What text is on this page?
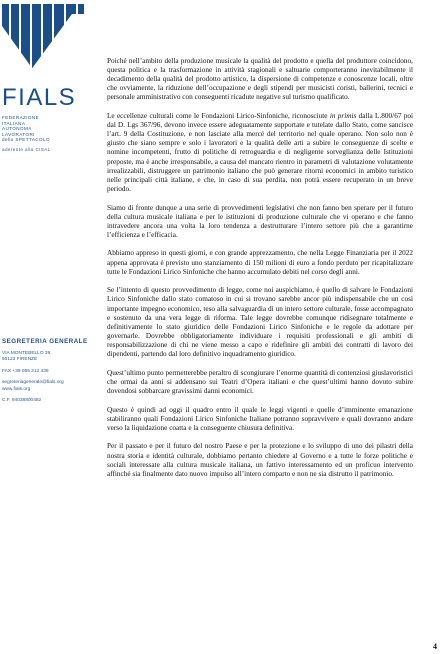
FIALS
FEDERAZIONE
ITALIANA
AUTONOMA
LAVORATORI
dello SPETTACOLO
aderente alla CISAL
SEGRETERIA GENERALE
VIA MONTEBELLO 39,
50123 FIRENZE
FAX +39 055 212 439
segreteriagenerale@fials.org
www.fials.org
C.F. 94038800482

Poiché nell’ambito della produzione musicale la qualità del prodotto e quella del produttore coincidono, questa politica e la trasformazione in attività stagionali e saltuarie comporteranno inevitabilmente il decadimento della qualità del prodotto artistico, la dispersione di competenze e conoscenze locali, oltre che ovviamente, la riduzione dell’occupazione e degli stipendi per musicisti coristi, ballerini, tecnici e personale amministrativo con conseguenti ricadute negative sul turismo qualificato.

Le eccellenze culturali come le Fondazioni Lirico-Sinfoniche, riconosciute in primis dalla L.800/67 poi dal D. Lgs 367/96, devono invece essere adeguatamente supportate e tutelate dallo Stato, come sancisce l’art. 9 della Costituzione, e non lasciate alla mercé del territorio nel quale operano. Non solo non è giusto che siano sempre e solo i lavoratori e la qualità delle arti a subire le conseguenze di scelte e nomine incompetenti, frutto di politiche di retroguardia e di negligente sorveglianza delle Istituzioni preposte, ma è anche irresponsabile, a causa del mancato rientro in parametri di valutazione volutamente irrealizzabili, distruggere un patrimonio italiano che può generare ritorni economici in ambito turistico nelle principali città italiane, e che, in caso di sua perdita, non potrà essere recuperato in un breve periodo.

Siamo di fronte dunque a una serie di provvedimenti legislativi che non fanno ben sperare per il futuro della cultura musicale italiana e per le istituzioni di produzione culturale che vi operano e che fanno intravedere ancora una volta la loro tendenza a destrutturare l’intero settore più che a garantirne l’efficienza e l’efficacia.

Abbiamo appreso in questi giorni, e con grande apprezzamento, che nella Legge Finanziaria per il 2022 appena approvata è previsto uno stanziamento di 150 milioni di euro a fondo perduto per ricapitalizzare tutte le Fondazioni Lirico Sinfoniche che hanno accumulato debiti nel corso degli anni.

Se l’intento di questo provvedimento di legge, come noi auspichiamo, è quello di salvare le Fondazioni Lirico Sinfoniche dallo stato comatoso in cui si trovano sarebbe ancor più indispensabile che un così importante impegno economico, teso alla salvaguardia di un intero settore culturale, fosse accompagnato e sostenuto da una vera legge di riforma. Tale legge dovrebbe comunque ridisegnare totalmente e definitivamente lo stato giuridico delle Fondazioni Lirico Sinfoniche e le regole da adottare per governarle. Dovrebbe obbligatoriamente individuare i requisiti professionali e gli ambiti di responsabilizzazione di chi ne viene messo a capo e ridefinire gli ambiti dei contratti di lavoro dei dipendenti, partendo dal loro definitivo inquadramento giuridico.

Quest’ultimo punto permetterebbe peraltro di scongiurare l’enorme quantità di contenziosi giuslavoristici che ormai da anni si addensano sui Teatri d’Opera italiani e che quest’ultimi hanno dovuto subire dovendosi sobbarcare gravissimi danni economici.

Questo è quindi ad oggi il quadro entro il quale le leggi vigenti e quelle d’imminente emanazione stabiliranno quali Fondazioni Lirico Sinfoniche Italiane potranno sopravvivere e quali dovranno andare verso la liquidazione coatta e la conseguente chiusura definitiva.

Per il passato e per il futuro del nostro Paese e per la protezione e lo sviluppo di uno dei pilastri della nostra storia e identità culturale, dobbiamo pertanto chiedere al Governo e a tutte le forze politiche e sociali interessate alla cultura musicale italiana, un fattivo interessamento ed un proficuo intervento affinché sia finalmente dato nuovo impulso all’intero comparto e non ne sia distrutto il patrimonio.

4
